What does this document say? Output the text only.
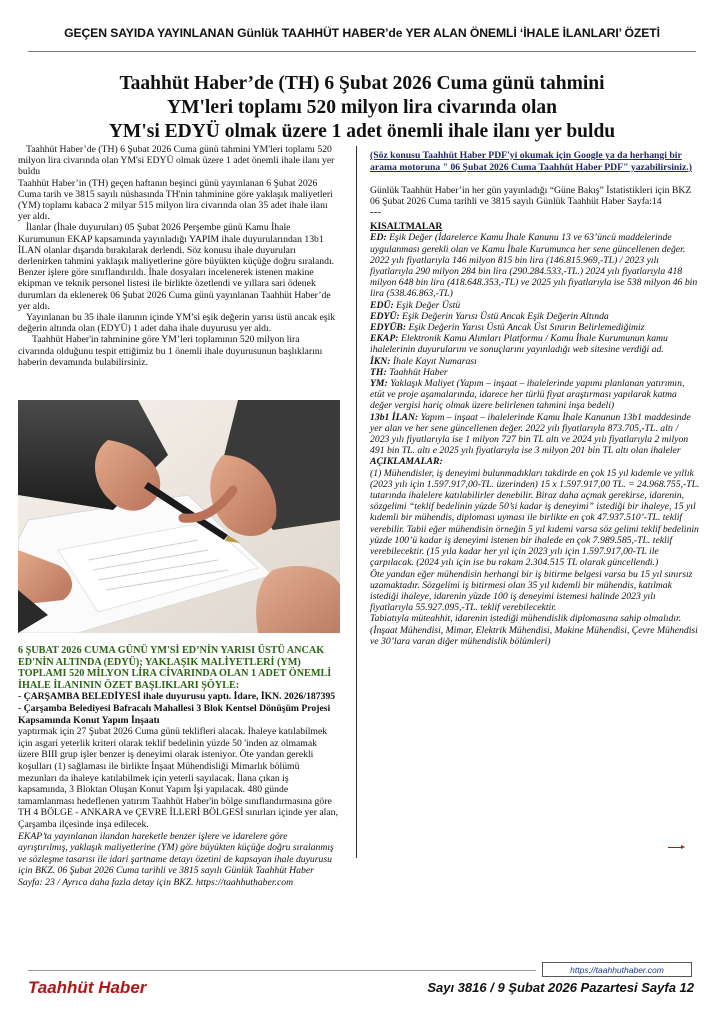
GEÇEN SAYIDA YAYINLANAN Günlük TAAHHÜT HABER’de YER ALAN ÖNEMLİ ‘İHALE İLANLARI’ ÖZETİ
Taahhüt Haber’de (TH) 6 Şubat 2026 Cuma günü tahmini
YM'leri toplamı 520 milyon lira civarında olan
YM'si EDYÜ olmak üzere 1 adet önemli ihale ilanı yer buldu

Taahhüt Haber’de (TH) 6 Şubat 2026 Cuma günü tahmini YM'leri toplamı 520 milyon lira civarında olan YM'si EDYÜ olmak üzere 1 adet önemli ihale ilanı yer buldu

Taahhüt Haber’in (TH) geçen haftanın beşinci günü yayınlanan 6 Şubat 2026 Cuma tarih ve 3815 sayılı nüshasında TH'nin tahminine göre yaklaşık maliyetleri (YM) toplamı kabaca 2 milyar 515 milyon lira civarında olan 35 adet ihale ilanı yer aldı.

İlanlar (İhale duyuruları) 05 Şubat 2026 Perşembe günü Kamu İhale Kurumunun EKAP kapsamında yayınladığı YAPIM ihale duyurularından 13b1 İLAN olanlar dışarıda bırakılarak derlendi. Söz konusu ihale duyuruları derlenirken tahmini yaklaşık maliyetlerine göre büyükten küçüğe doğru sıralandı. Benzer işlere göre sınıflandırıldı. İhale dosyaları incelenerek istenen makine ekipman ve teknik personel listesi ile birlikte özetlendi ve yıllara sari ödenek durumları da eklenerek 06 Şubat 2026 Cuma günü yayınlanan Taahhüt Haber’de yer aldı.

Yayınlanan bu 35 ihale ilanının içinde YM’si eşik değerin yarısı üstü ancak eşik değerin altında olan (EDYÜ) 1 adet daha ihale duyurusu yer aldı.

Taahhüt Haber'in tahminine göre YM’leri toplamının 520 milyon lira civarında olduğunu tespit ettiğimiz bu 1 önemli ihale duyurusunun başlıklarını haberin devamında bulabilirsiniz.

6 ŞUBAT 2026 CUMA GÜNÜ YM'Sİ ED’NİN YARISI ÜSTÜ ANCAK ED'NİN ALTINDA (EDYÜ); YAKLAŞIK MALİYETLERİ (YM) TOPLAMI 520 MİLYON LİRA CİVARINDA OLAN 1 ADET ÖNEMLİ İHALE İLANININ ÖZET BAŞLIKLARI ŞÖYLE:

- ÇARŞAMBA BELEDİYESİ ihale duyurusu yaptı. İdare, İKN. 2026/187395 - Çarşamba Belediyesi Bafracalı Mahallesi 3 Blok Kentsel Dönüşüm Projesi Kapsamında Konut Yapım İnşaatı

yaptırmak için 27 Şubat 2026 Cuma günü teklifleri alacak. İhaleye katılabilmek için asgari yeterlik kriteri olarak teklif bedelinin yüzde 50 'inden az olmamak üzere BIII grup işler benzer iş deneyimi olarak isteniyor. Öte yandan gerekli koşulları (1) sağlaması ile birlikte İnşaat Mühendisliği Mimarlık bölümü mezunları da ihaleye katılabilmek için yeterli sayılacak. İlana çıkan iş kapsamında, 3 Bloktan Oluşan Konut Yapım İşi yapılacak. 480 günde tamamlanması hedeflenen yatırım Taahhüt Haber'in bölge sınıflandırmasına göre TH 4 BÖLGE - ANKARA ve ÇEVRE İLLERİ BÖLGESİ sınırları içinde yer alan, Çarşamba ilçesinde inşa edilecek.

EKAP’ta yayınlanan ilandan hareketle benzer işlere ve idarelere göre ayrıştırılmış, yaklaşık maliyetlerine (YM) göre büyükten küçüğe doğru sıralanmış ve sözleşme tasarısı ile idari şartname detayı özetini de kapsayan ihale duyurusu için BKZ. 06 Şubat 2026 Cuma tarihli ve 3815 sayılı Günlük Taahhüt Haber Sayfa: 23 / Ayrıca daha fazla detay için BKZ. https://taahhuthaber.com

(Söz konusu Taahhüt Haber PDF'yi okumak için Google ya da herhangi bir arama motoruna " 06 Şubat 2026 Cuma Taahhüt Haber PDF" yazabilirsiniz.)

Günlük Taahhüt Haber’in her gün yayınladığı “Güne Bakış” İstatistikleri için BKZ 06 Şubat 2026 Cuma tarihli ve 3815 sayılı Günlük Taahhüt Haber Sayfa:14

---

KISALTMALAR

ED: Eşik Değer (İdarelerce Kamu İhale Kanunu 13 ve 63’üncü maddelerinde uygulanması gerekli olan ve Kamu İhale Kurumunca her sene güncellenen değer. 2022 yılı fiyatlarıyla 146 milyon 815 bin lira (146.815.969,-TL) / 2023 yılı fiyatlarıyla 290 milyon 284 bin lira (290.284.533,-TL.) 2024 yılı fiyatlarıyla 418 milyon 648 bin lira (418.648.353,-TL) ve 2025 yılı fiyatlarıyla ise 538 milyon 46 bin lira (538.46.863,-TL)

EDÜ: Eşik Değer Üstü

EDYÜ: Eşik Değerin Yarısı Üstü Ancak Eşik Değerin Altında

EDYÜB: Eşik Değerin Yarısı Üstü Ancak Üst Sınırın Belirlemediğimiz

EKAP: Elektronik Kamu Alımları Platformu / Kamu İhale Kurumunun kamu ihalelerinin duyurularını ve sonuçlarını yayınladığı web sitesine verdiği ad.

İKN: İhale Kayıt Numarası

TH: Taahhüt Haber

YM: Yaklaşık Maliyet (Yapım – inşaat – ihalelerinde yapımı planlanan yatırımın, etüt ve proje aşamalarında, idarece her türlü fiyat araştırması yapılarak katma değer vergisi hariç olmak üzere belirlenen tahmini inşa bedeli)

13b1 İLAN: Yapım – inşaat – ihalelerinde Kamu İhale Kanunun 13b1 maddesinde yer alan ve her sene güncellenen değer. 2022 yılı fiyatlarıyla 873.705,-TL. altı / 2023 yılı fiyatlarıyla ise 1 milyon 727 bin TL altı ve 2024 yılı fiyatlarıyla 2 milyon 491 bin TL. altı e 2025 yılı fiyatlarıyla ise 3 milyon 201 bin TL altı olan ihaleler

AÇIKLAMALAR:

(1) Mühendisler, iş deneyimi bulunmadıkları takdirde en çok 15 yıl kıdemle ve yıllık (2023 yılı için 1.597.917,00-TL. üzerinden) 15 x 1.597.917,00 TL. = 24.968.755,-TL. tutarında ihalelere katılabilirler denebilir. Biraz daha açmak gerekirse, idarenin, sözgelimi “teklif bedelinin yüzde 50’si kadar iş deneyimi” istediği bir ihaleye, 15 yıl kıdemli bir mühendis, diploması uyması ile birlikte en çok 47.937.510’-TL. teklif verebilir. Tabii eğer mühendisin örneğin 5 yıl kıdemi varsa söz gelimi teklif bedelinin yüzde 100’ü kadar iş deneyimi istenen bir ihalede en çok 7.989.585,-TL. teklif verebilecektir. (15 yıla kadar her yıl için 2023 yılı için 1.597.917,00-TL ile çarpılacak. (2024 yılı için ise bu rakam 2.304.515 TL olarak güncellendi.)

Öte yandan eğer mühendisin herhangi bir iş bitirme belgesi varsa bu 15 yıl sınırsız uzamaktadır. Sözgelimi iş bitirmesi olan 35 yıl kıdemli bir mühendis, katılmak istediği ihaleye, idarenin yüzde 100 iş deneyimi istemesi halinde 2023 yılı fiyatlarıyla 55.927.095,-TL. teklif verebilecektir.

Tabiatıyla müteahhit, idarenin istediği mühendislik diplomasına sahip olmalıdır. (İnşaat Mühendisi, Mimar, Elektrik Mühendisi, Makine Mühendisi, Çevre Mühendisi ve 30’lara varan diğer mühendislik bölümleri)

https://taahhuthaber.com
Taahhüt Haber	Sayı 3816 / 9 Şubat 2026 Pazartesi Sayfa 12
